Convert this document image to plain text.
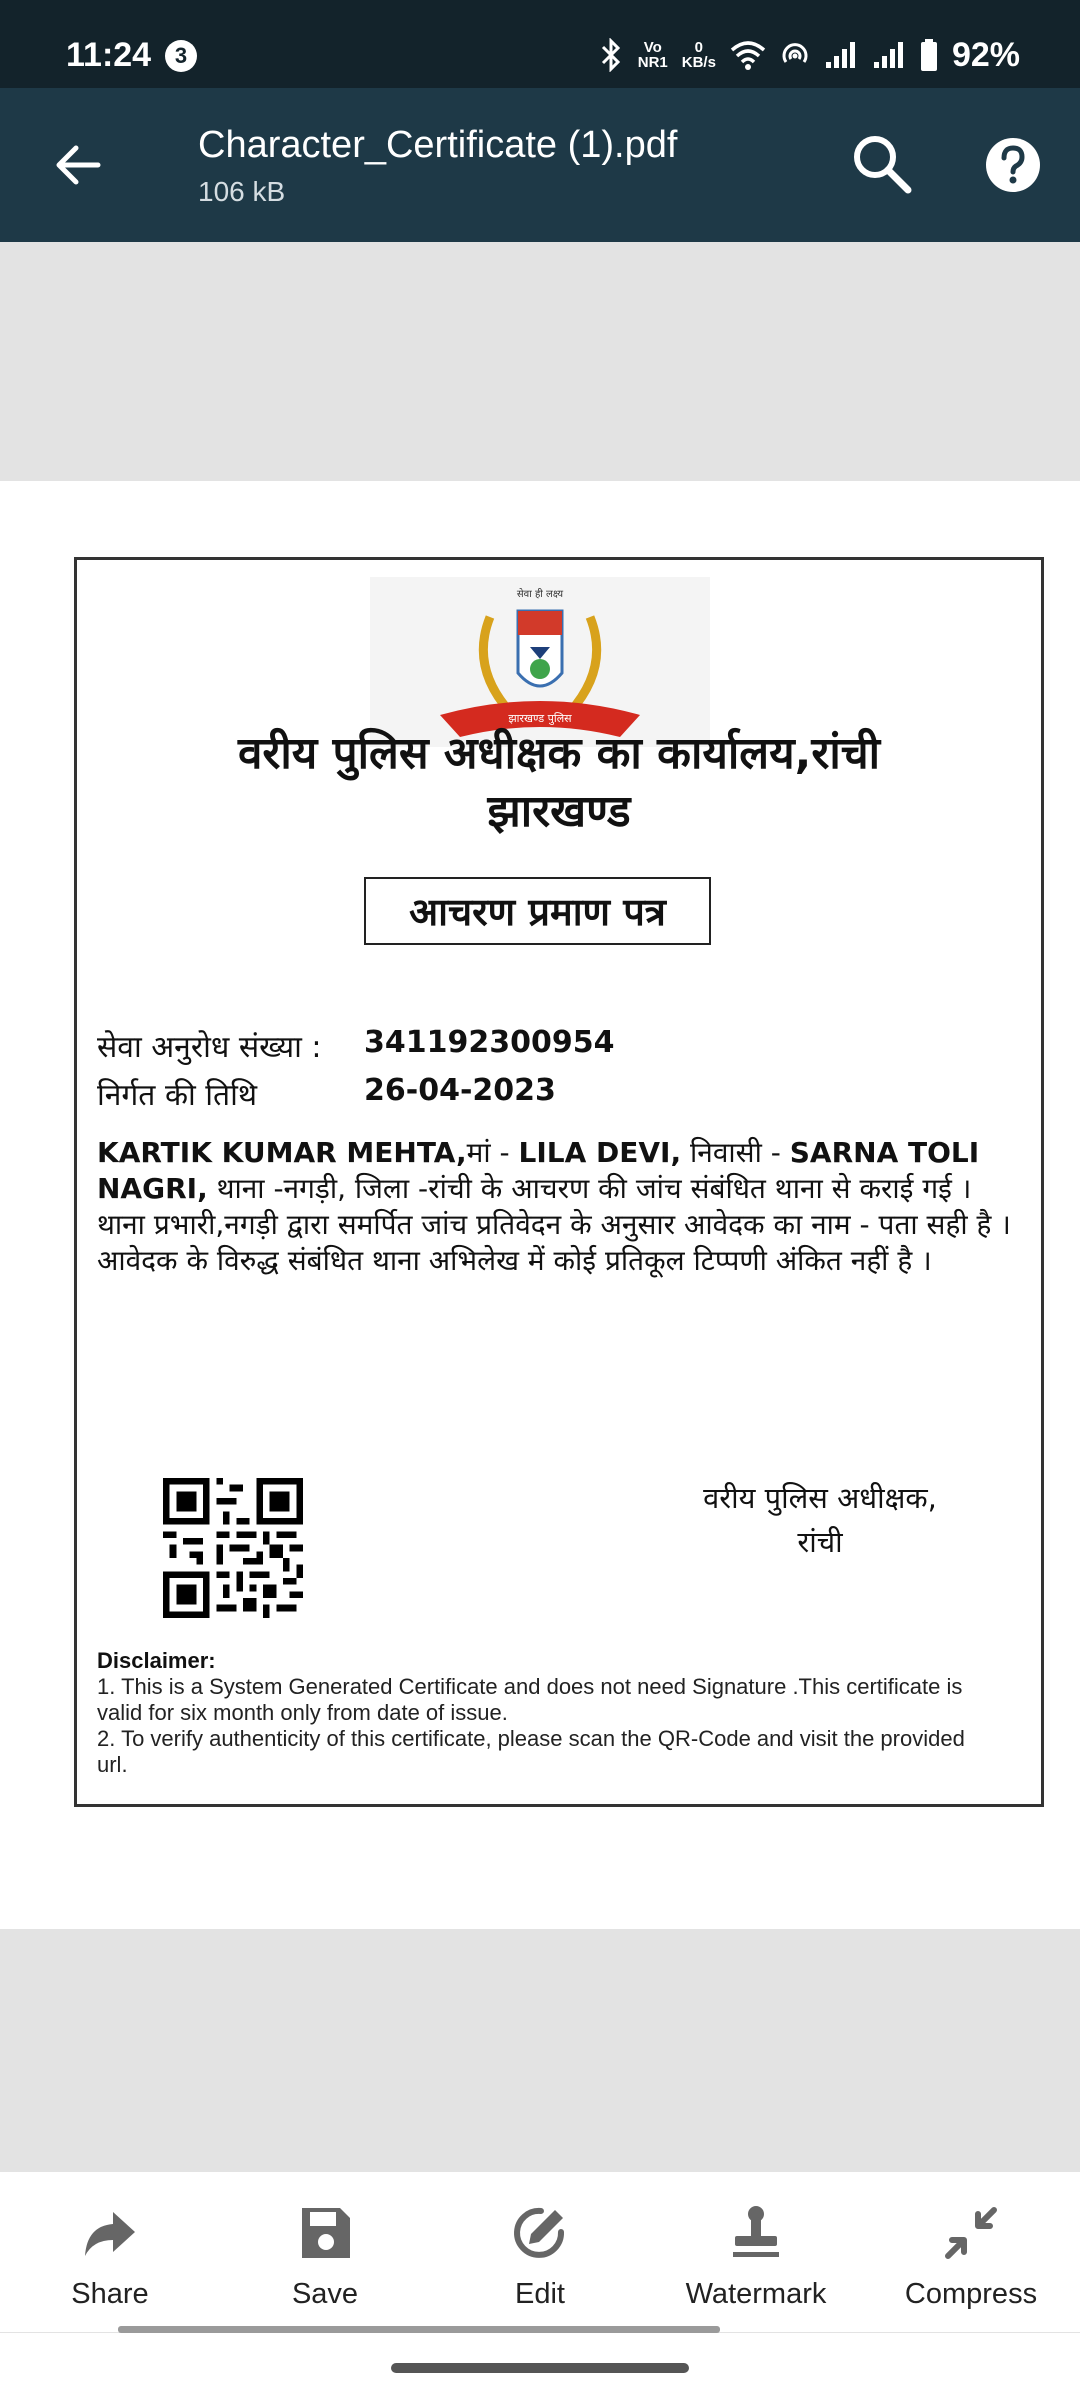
11:24	3	Vo
NR1
0
KB/s	92%
Character_Certificate (1).pdf
106 kB
सेवा ही लक्ष्य
झारखण्ड पुलिस
वरीय पुलिस अधीक्षक का कार्यालय,रांची
झारखण्ड
आचरण प्रमाण पत्र
सेवा अनुरोध संख्या : 341192300954
निर्गत की तिथि	26-04-2023
KARTIK KUMAR MEHTA,मां - LILA DEVI, निवासी - SARNA TOLI NAGRI, थाना -नगड़ी, जिला -रांची के आचरण की जांच संबंधित थाना से कराई गई । थाना प्रभारी,नगड़ी द्वारा समर्पित जांच प्रतिवेदन के अनुसार आवेदक का नाम - पता सही है । आवेदक के विरुद्ध संबंधित थाना अभिलेख में कोई प्रतिकूल टिप्पणी अंकित नहीं है ।
वरीय पुलिस अधीक्षक,
रांची
Disclaimer:
1. This is a System Generated Certificate and does not need Signature .This certificate is valid for six month only from date of issue.
2. To verify authenticity of this certificate, please scan the QR-Code and visit the provided url.
Share	Save	Edit	Watermark	Compress
